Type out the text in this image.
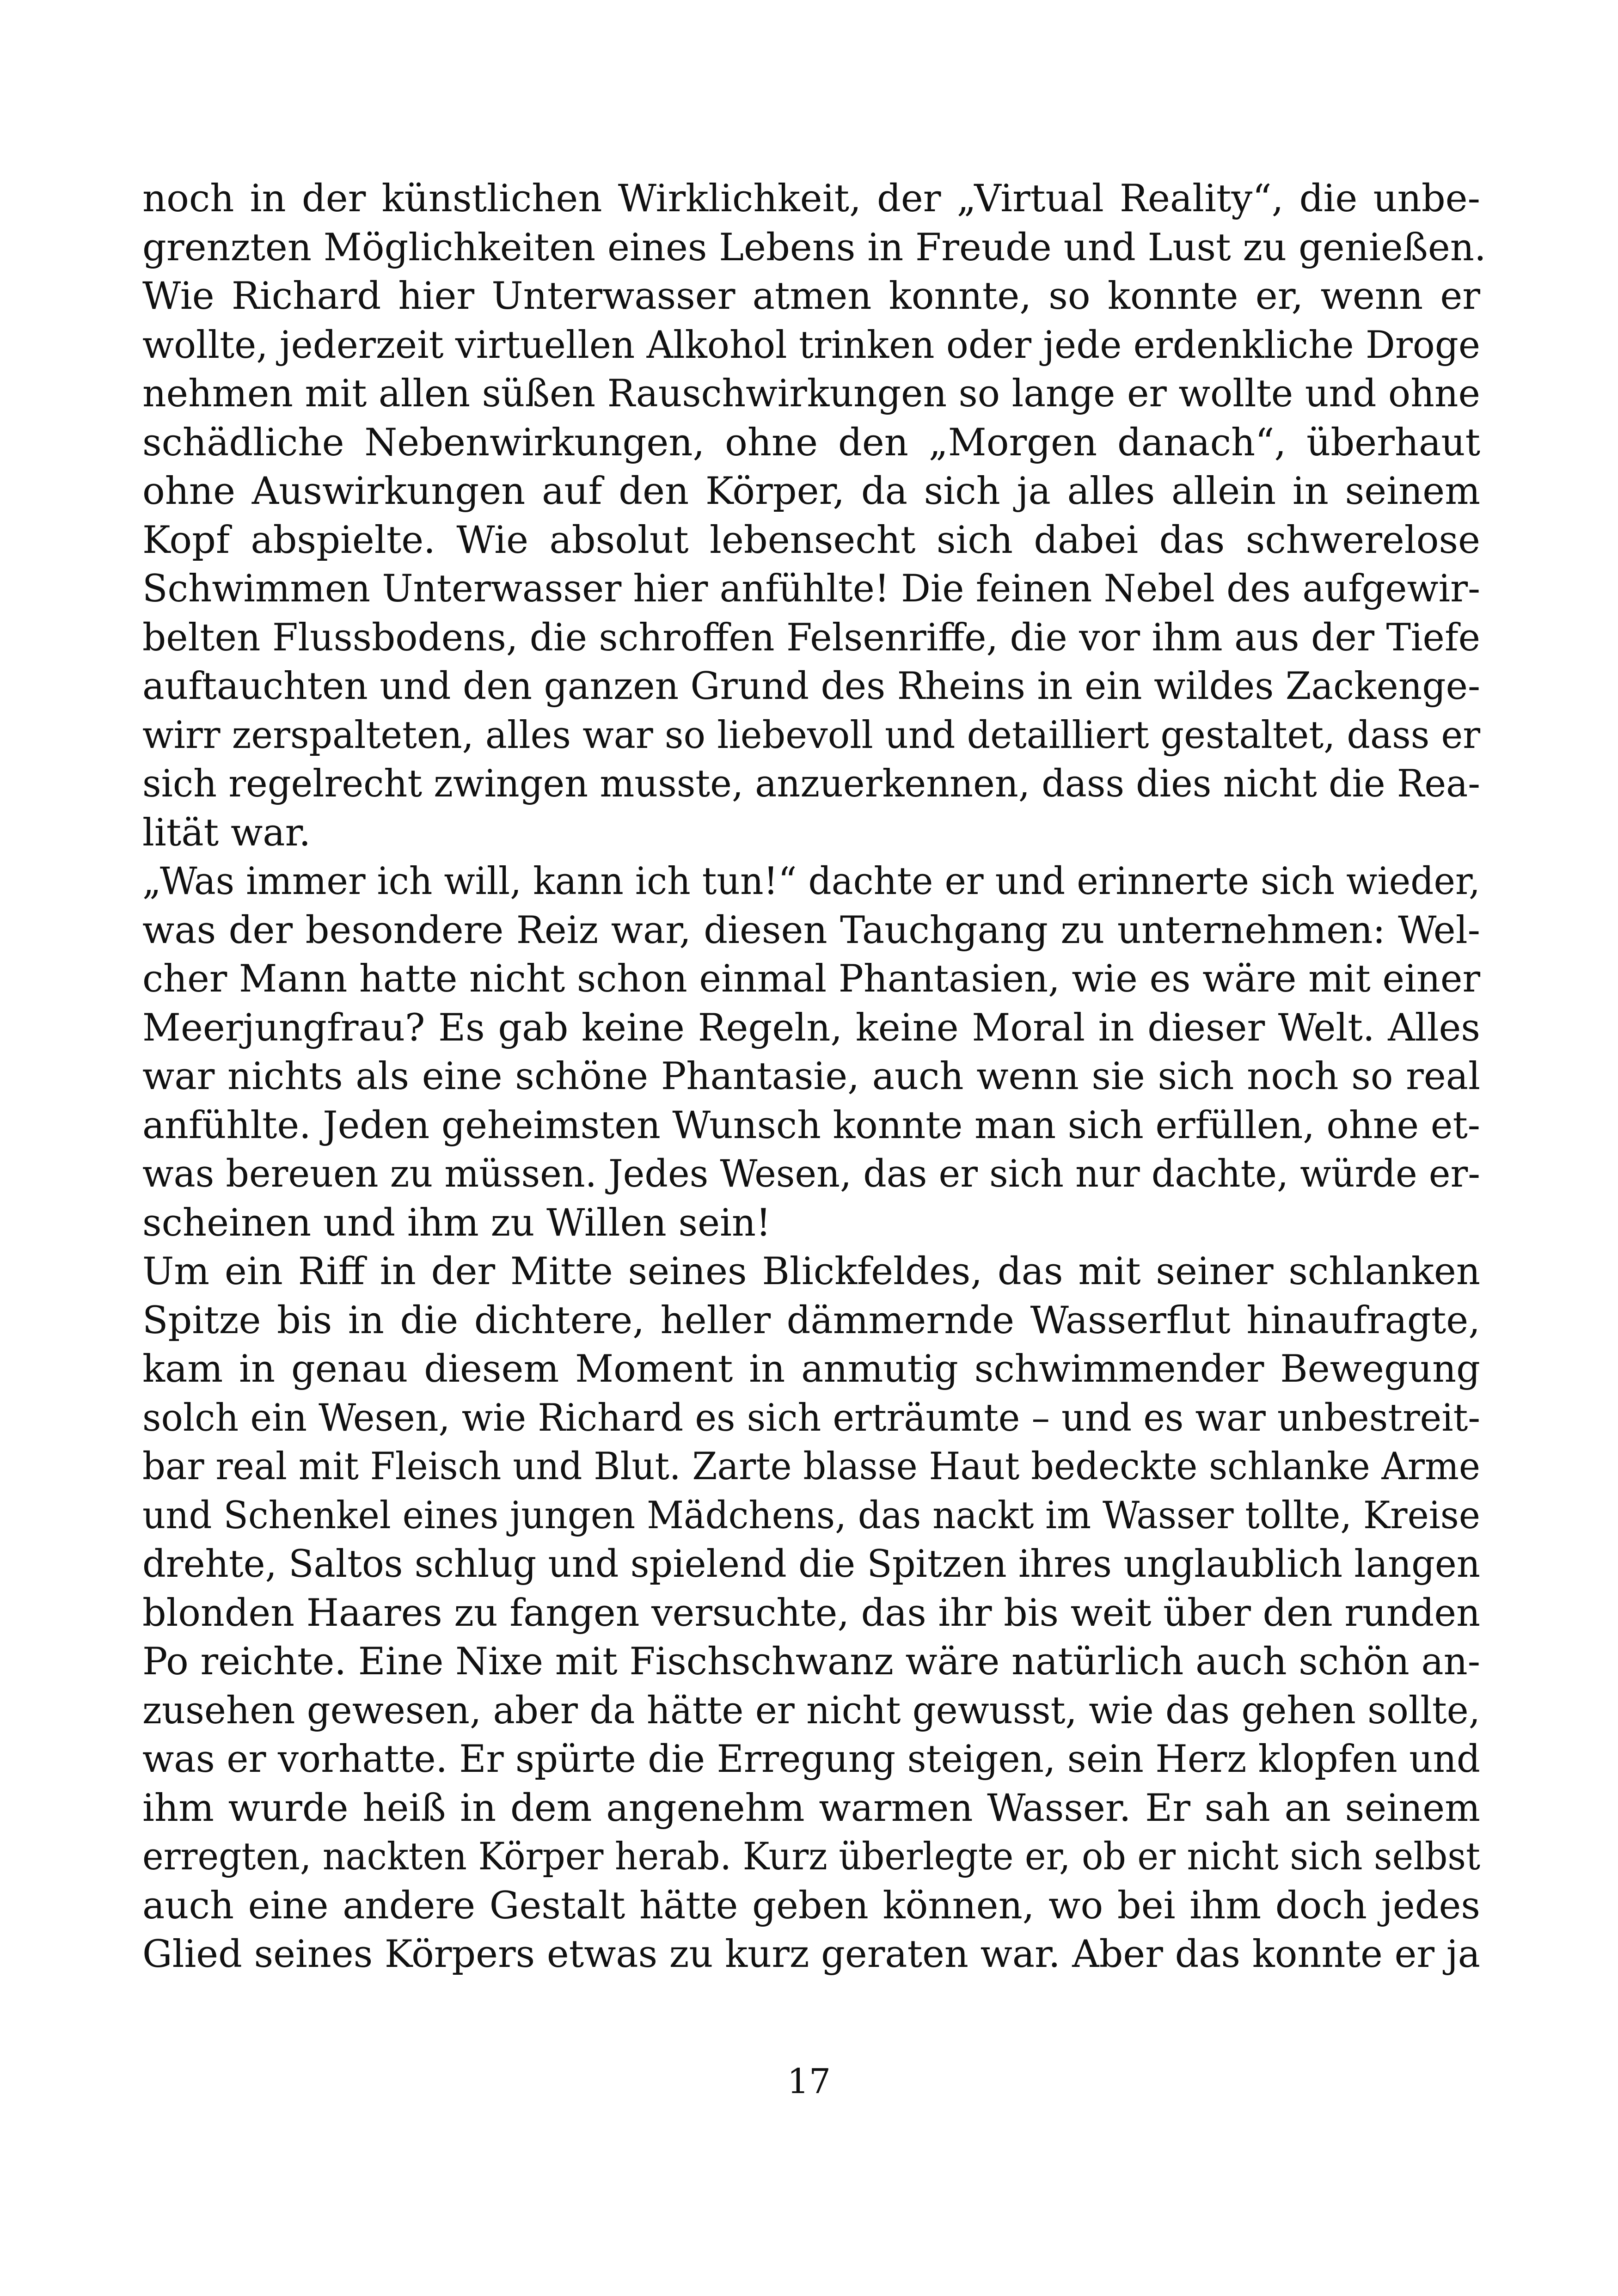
noch in der künstlichen Wirklichkeit, der „Virtual Reality“, die unbe-
grenzten Möglichkeiten eines Lebens in Freude und Lust zu genießen.
Wie Richard hier Unterwasser atmen konnte, so konnte er, wenn er
wollte, jederzeit virtuellen Alkohol trinken oder jede erdenkliche Droge
nehmen mit allen süßen Rauschwirkungen so lange er wollte und ohne
schädliche Nebenwirkungen, ohne den „Morgen danach“, überhaut
ohne Auswirkungen auf den Körper, da sich ja alles allein in seinem
Kopf abspielte. Wie absolut lebensecht sich dabei das schwerelose
Schwimmen Unterwasser hier anfühlte! Die feinen Nebel des aufgewir-
belten Flussbodens, die schroffen Felsenriffe, die vor ihm aus der Tiefe
auftauchten und den ganzen Grund des Rheins in ein wildes Zackenge-
wirr zerspalteten, alles war so liebevoll und detailliert gestaltet, dass er
sich regelrecht zwingen musste, anzuerkennen, dass dies nicht die Rea-
lität war.
„Was immer ich will, kann ich tun!“ dachte er und erinnerte sich wieder,
was der besondere Reiz war, diesen Tauchgang zu unternehmen: Wel-
cher Mann hatte nicht schon einmal Phantasien, wie es wäre mit einer
Meerjungfrau? Es gab keine Regeln, keine Moral in dieser Welt. Alles
war nichts als eine schöne Phantasie, auch wenn sie sich noch so real
anfühlte. Jeden geheimsten Wunsch konnte man sich erfüllen, ohne et-
was bereuen zu müssen. Jedes Wesen, das er sich nur dachte, würde er-
scheinen und ihm zu Willen sein!
Um ein Riff in der Mitte seines Blickfeldes, das mit seiner schlanken
Spitze bis in die dichtere, heller dämmernde Wasserflut hinaufragte,
kam in genau diesem Moment in anmutig schwimmender Bewegung
solch ein Wesen, wie Richard es sich erträumte – und es war unbestreit-
bar real mit Fleisch und Blut. Zarte blasse Haut bedeckte schlanke Arme
und Schenkel eines jungen Mädchens, das nackt im Wasser tollte, Kreise
drehte, Saltos schlug und spielend die Spitzen ihres unglaublich langen
blonden Haares zu fangen versuchte, das ihr bis weit über den runden
Po reichte. Eine Nixe mit Fischschwanz wäre natürlich auch schön an-
zusehen gewesen, aber da hätte er nicht gewusst, wie das gehen sollte,
was er vorhatte. Er spürte die Erregung steigen, sein Herz klopfen und
ihm wurde heiß in dem angenehm warmen Wasser. Er sah an seinem
erregten, nackten Körper herab. Kurz überlegte er, ob er nicht sich selbst
auch eine andere Gestalt hätte geben können, wo bei ihm doch jedes
Glied seines Körpers etwas zu kurz geraten war. Aber das konnte er ja
17
